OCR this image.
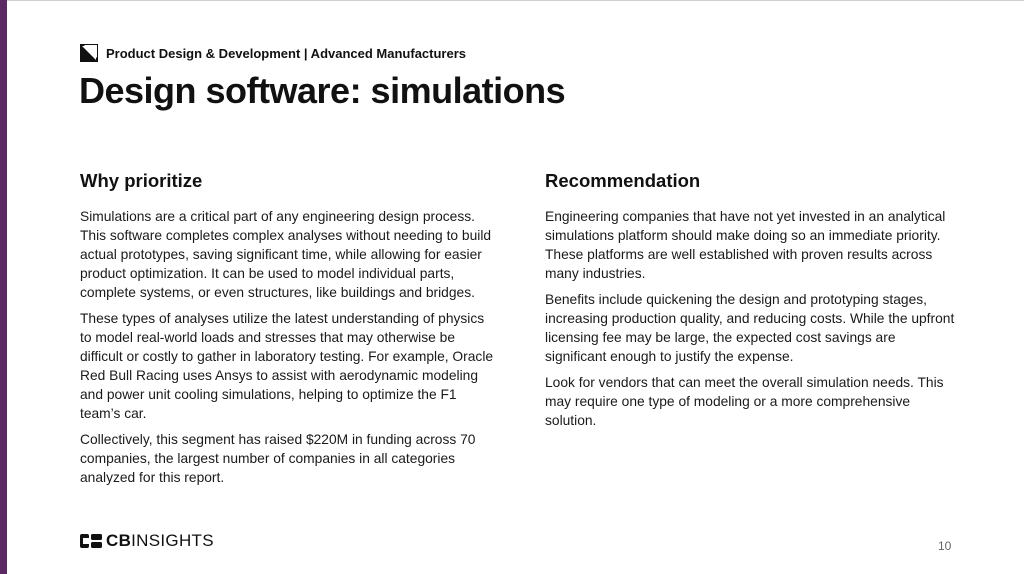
Product Design & Development | Advanced Manufacturers
Design software: simulations
Why prioritize

Simulations are a critical part of any engineering design process. This software completes complex analyses without needing to build actual prototypes, saving significant time, while allowing for easier product optimization. It can be used to model individual parts, complete systems, or even structures, like buildings and bridges.

These types of analyses utilize the latest understanding of physics to model real-world loads and stresses that may otherwise be difficult or costly to gather in laboratory testing. For example, Oracle Red Bull Racing uses Ansys to assist with aerodynamic modeling and power unit cooling simulations, helping to optimize the F1 team’s car.

Collectively, this segment has raised $220M in funding across 70 companies, the largest number of companies in all categories analyzed for this report.

Recommendation

Engineering companies that have not yet invested in an analytical simulations platform should make doing so an immediate priority. These platforms are well established with proven results across many industries.

Benefits include quickening the design and prototyping stages, increasing production quality, and reducing costs. While the upfront licensing fee may be large, the expected cost savings are significant enough to justify the expense.

Look for vendors that can meet the overall simulation needs. This may require one type of modeling or a more comprehensive solution.

CBINSIGHTS	10
